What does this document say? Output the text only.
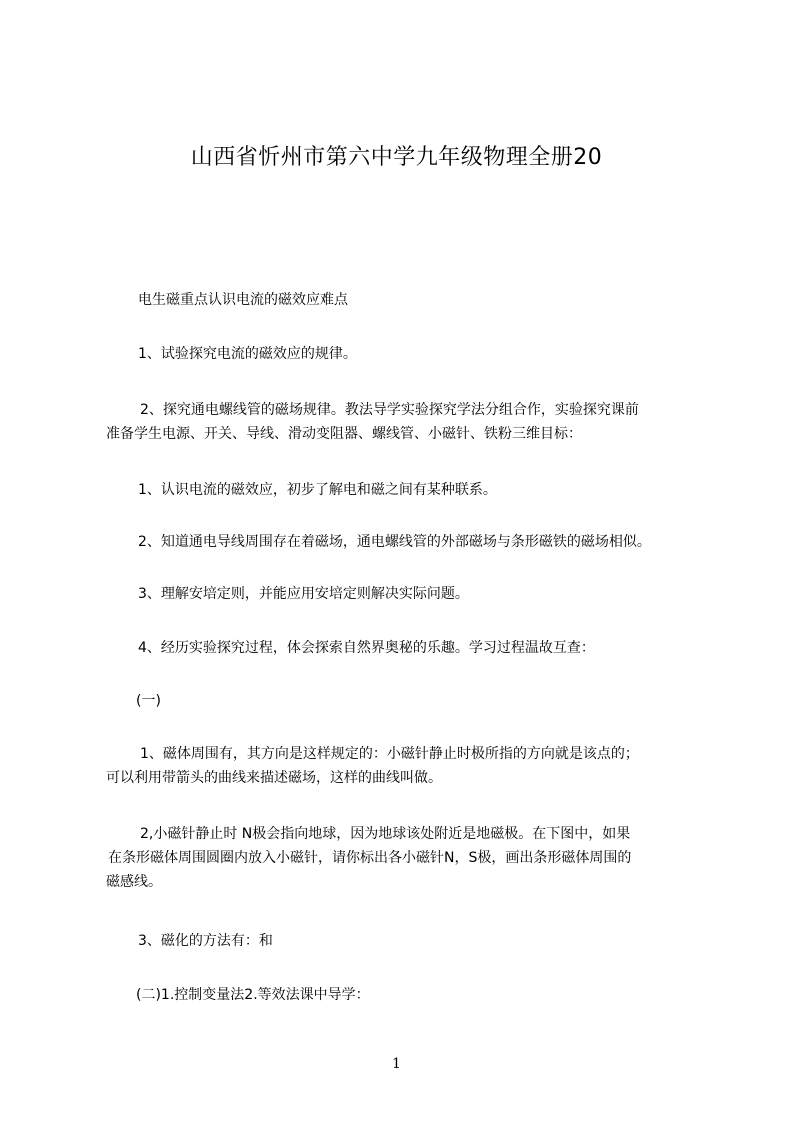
山西省忻州市第六中学九年级物理全册20
电生磁重点认识电流的磁效应难点
1、试验探究电流的磁效应的规律。
2、探究通电螺线管的磁场规律。教法导学实验探究学法分组合作，实验探究课前
准备学生电源、开关、导线、滑动变阻器、螺线管、小磁针、铁粉三维目标：
1、认识电流的磁效应，初步了解电和磁之间有某种联系。
2、知道通电导线周围存在着磁场，通电螺线管的外部磁场与条形磁铁的磁场相似。
3、理解安培定则，并能应用安培定则解决实际问题。
4、经历实验探究过程，体会探索自然界奥秘的乐趣。学习过程温故互查：
(一)
1、磁体周围有，其方向是这样规定的：小磁针静止时极所指的方向就是该点的；
可以利用带箭头的曲线来描述磁场，这样的曲线叫做。
2,小磁针静止时 N极会指向地球，因为地球该处附近是地磁极。在下图中，如果
在条形磁体周围圆圈内放入小磁针，请你标出各小磁针N，S极，画出条形磁体周围的
磁感线。
3、磁化的方法有：和
(二)1.控制变量法2.等效法课中导学：
1
